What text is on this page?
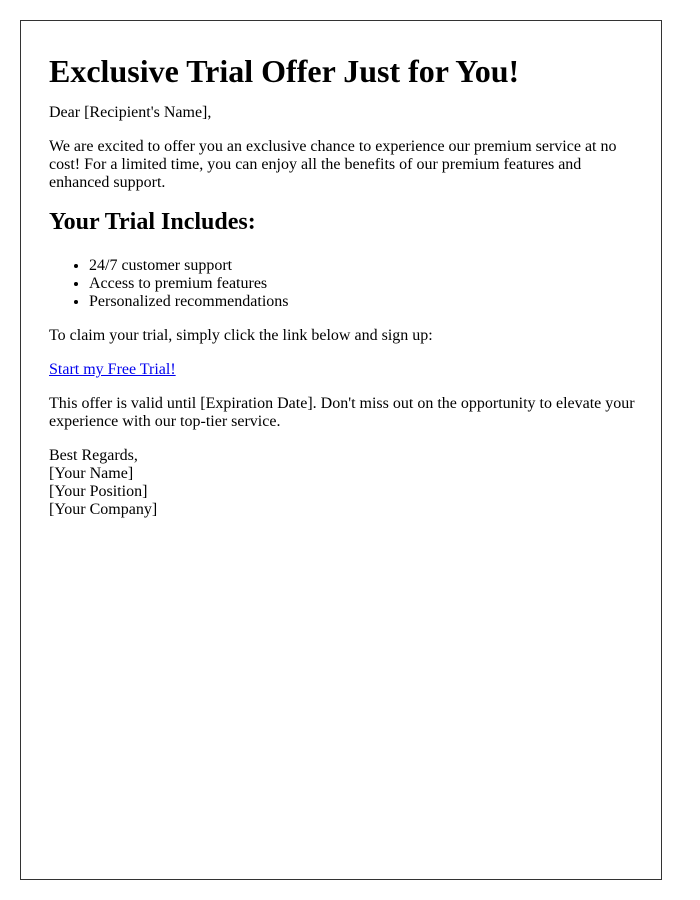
Exclusive Trial Offer Just for You!

Dear [Recipient's Name],

We are excited to offer you an exclusive chance to experience our premium service at no cost! For a limited time, you can enjoy all the benefits of our premium features and enhanced support.

Your Trial Includes:
• 24/7 customer support
• Access to premium features
• Personalized recommendations

To claim your trial, simply click the link below and sign up:

Start my Free Trial!

This offer is valid until [Expiration Date]. Don't miss out on the opportunity to elevate your experience with our top-tier service.

Best Regards,
[Your Name]
[Your Position]
[Your Company]
